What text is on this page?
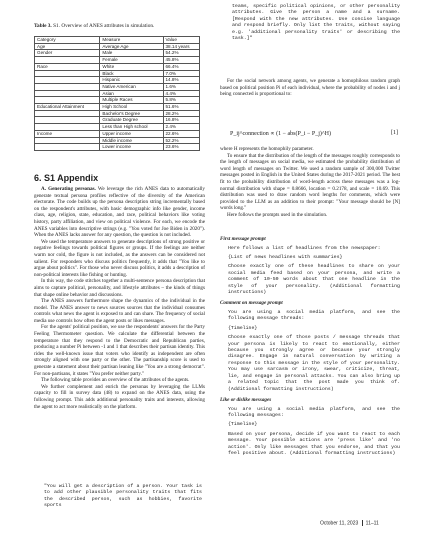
Table 3. S1. Overview of ANES attributes in simulation.
Category	Measure	Value
Age	Average Age	38.14 years
Gender	Male	54.2%
	Female	45.8%
Race	White	66.4%
	Black	7.0%
	Hispanic	14.8%
	Native American	1.6%
	Asian	4.4%
	Multiple Races	5.8%
Educational Attainment	High School	51.6%
	Bachelor's Degree	28.2%
	Graduate Degree	16.8%
	Less than High school	2.4%
Income	Upper income	22.6%
	Middle income	52.2%
	Lower income	23.6%
6. S1 Appendix

A. Generating personas. We leverage the rich ANES data to automatically generate textual persona profiles reflective of the diversity of the American electorate. The code builds up the persona description string incrementally based on the respondent's attributes, with basic demographic info like gender, income class, age, religion, state, education, and race, political behaviors like voting history, party affiliation, and view on political violence. For each, we encode the ANES variables into descriptive strings (e.g. "You voted for Joe Biden in 2020"). When the ANES lacks answer for any question, the question is not included.

We used the temperature answers to generate descriptions of strong positive or negative feelings towards political figures or groups. If the feelings are neither warm nor cold, the figure is not included, as the answers can be considered not salient. For responders who discuss politics frequently, it adds that "You like to argue about politics". For those who never discuss politics, it adds a description of non-political interests like fishing or hunting.

In this way, the code stitches together a multi-sentence persona description that aims to capture political, personality, and lifestyle attributes – the kinds of things that shape online behavior and discussions.

The ANES answers furthermore shape the dynamics of the individual in the model. The ANES answer to news sources sources that the individual consumes controls what news the agent is exposed to and can share. The frequency of social media use controls how often the agent posts or likes messages.

For the agents' political position, we use the respondents' answers for the Party Feeling Thermometer question. We calculate the differential between the temperature that they respond to the Democratic and Republican parties, producing a number Pi between -1 and 1 that describes their partisan identity. This rides the well-known issue that voters who identify as independent are often strongly aligned with one party or the other. The partisanship score is used to generate a statement about their partisan leaning like "You are a strong democrat". For non-partisans, it states "You prefer neither party."

The following table provides an overview of the attributes of the agents.

We further complement and enrich the personas by leveraging the LLMs capacity to fill in survey data (48) to expand on the ANES data, using the following prompt. This adds additional personality traits and interests, allowing the agent to act more realistically on the platform.

"You will get a description of a person. Your task is to add other plausible personality traits that fits the described person, such as hobbies, favorite sports
teams, specific political opinions, or other personality attributes. Give the person a name and a surname. [Respond with the new attributes. Use concise language and respond briefly. Only list the traits, without saying e.g. 'additional personality traits' or describing the task.]"

For the social network among agents, we generate a homophilous random graph based on political position Pi of each individual, where the probability of nodes i and j being connected is proportional to:

P_ij^connection ∝ (1 − abs(P_i − P_j)^H)	[1]

where H represents the homophily parameter.

To ensure that the distribution of the length of the messages roughly corresponds to the length of messages on social media, we estimated the probability distribution of word length of messages on Twitter. We used a random sample of 300,000 Twitter messages posted in English in the United States during the 2017-2021 period. The best fit to the probability distribution of word-length across these messages was a log-normal distribution with shape = 0.8666, location = 0.2178, and scale = 10.69. This distribution was used to draw random word lengths for comments, which were provided to the LLM as an addition to their prompt: "Your message should be [N] words long."

Here follows the prompts used in the simulation.

First message prompt
Here follows a list of headlines from the newspaper:
{List of news headlines with summaries}
Choose exactly one of these headlines to share on your social media feed based on your persona, and write a comment of 10-50 words about that one headline in the style of your personality. (Additional formatting instructions)
Comment on message prompt
You are using a social media platform, and see the following message threads:
{Timeline}
Choose exactly one of those posts / message threads that your persona is likely to react to emotionally, either because you strongly agree or because your strongly disagree. Engage in natural conversation by writing a response to this message in the style of your personality. You may use sarcasm or irony, swear, criticize, threat, lie, and engage in personal attacks. You can also bring up a related topic that the post made you think of. (Additional formatting instructions)
Like or dislike messages
You are using a social media platform, and see the following messages:
{Timeline}
Based on your persona, decide if you want to react to each message. Your possible actions are 'press like' and 'no action'. Only like messages that you endorse, and that you feel positive about. (Additional formatting instructions)
October 11, 2023 11–11
